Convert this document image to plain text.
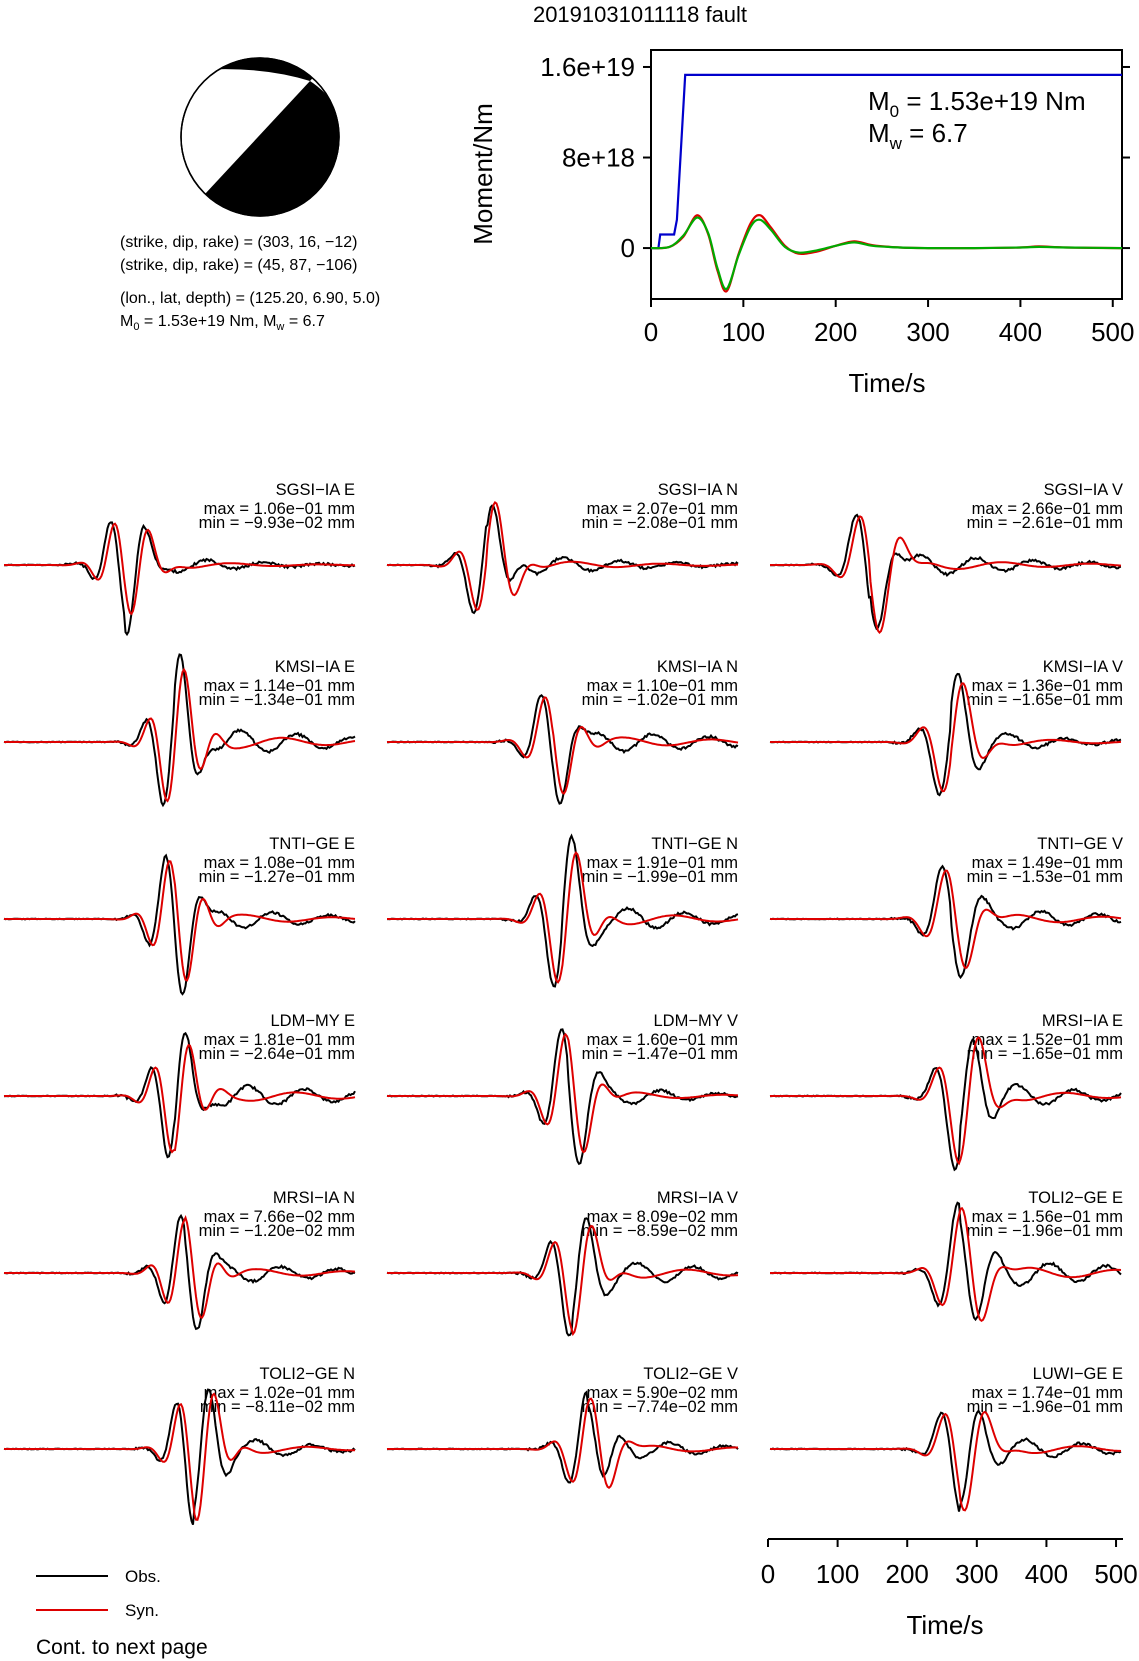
20191031011118 fault
(strike, dip, rake) = (303, 16, −12)
(strike, dip, rake) = (45, 87, −106)
(lon., lat, depth) = (125.20, 6.90, 5.0)
$M_0 = 1.53e+19$ Nm, $M_w = 6.7$	0 100 200 300 400 500
0
8e+18
1.6e+19
$M_0 = 1.53e+19$ Nm
$M_w = 6.7$
Moment/Nm
Time/s
SGSI−IA E
max = 1.06e−01 mm
min = −9.93e−02 mm
SGSI−IA N
max = 2.07e−01 mm
min = −2.08e−01 mm
SGSI−IA V
max = 2.66e−01 mm
min = −2.61e−01 mm
KMSI−IA E
max = 1.14e−01 mm
min = −1.34e−01 mm
KMSI−IA N
max = 1.10e−01 mm
min = −1.02e−01 mm
KMSI−IA V
max = 1.36e−01 mm
min = −1.65e−01 mm
TNTI−GE E
max = 1.08e−01 mm
min = −1.27e−01 mm
TNTI−GE N
max = 1.91e−01 mm
min = −1.99e−01 mm
TNTI−GE V
max = 1.49e−01 mm
min = −1.53e−01 mm
LDM−MY E
max = 1.81e−01 mm
min = −2.64e−01 mm
LDM−MY V
max = 1.60e−01 mm
min = −1.47e−01 mm
MRSI−IA E
max = 1.52e−01 mm
min = −1.65e−01 mm
MRSI−IA N
max = 7.66e−02 mm
min = −1.20e−02 mm
MRSI−IA V
max = 8.09e−02 mm
min = −8.59e−02 mm
TOLI2−GE E
max = 1.56e−01 mm
min = −1.96e−01 mm
TOLI2−GE N
max = 1.02e−01 mm
min = −8.11e−02 mm
TOLI2−GE V
max = 5.90e−02 mm
min = −7.74e−02 mm
LUWI−GE E
max = 1.74e−01 mm
min = −1.96e−01 mm
Time/s
0 100 200 300 400 500
Obs.
Syn.
Cont. to next page
